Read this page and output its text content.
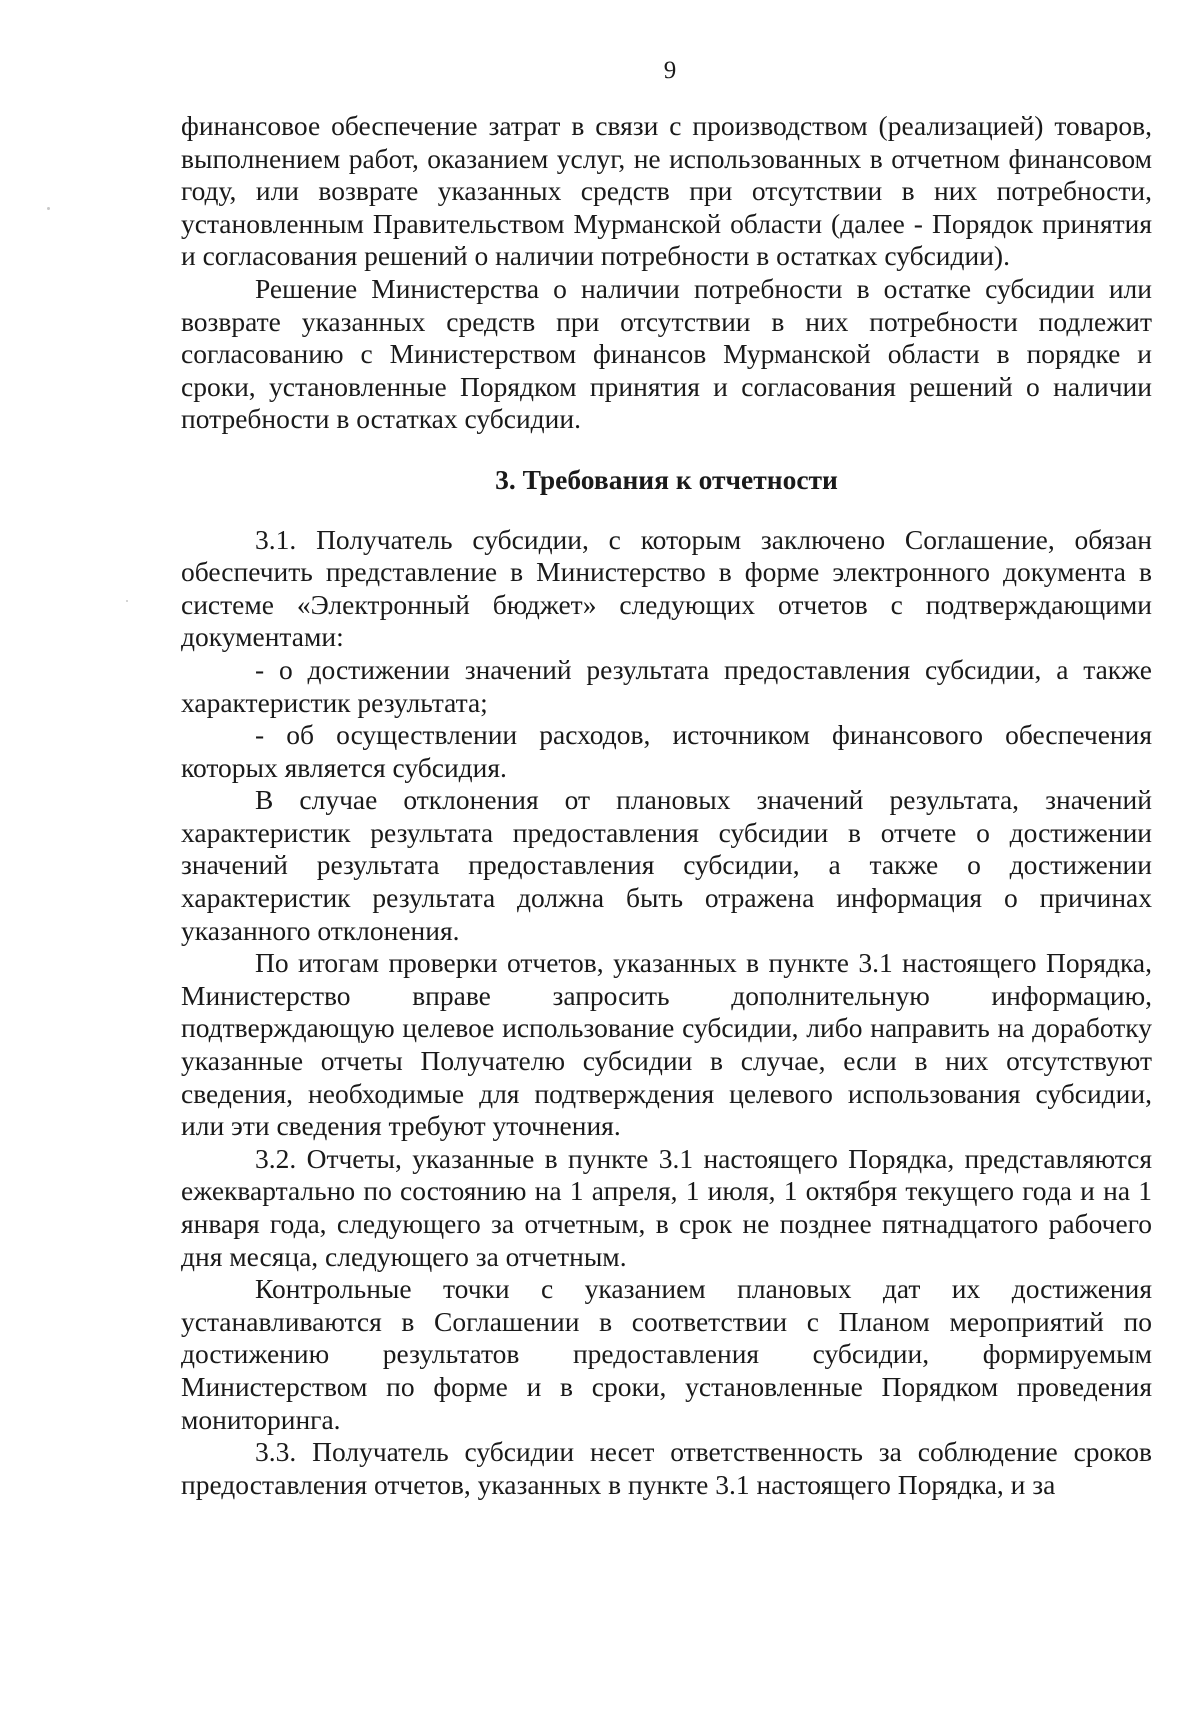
9

финансовое обеспечение затрат в связи с производством (реализацией) товаров, выполнением работ, оказанием услуг, не использованных в отчетном финансовом году, или возврате указанных средств при отсутствии в них потребности, установленным Правительством Мурманской области (далее - Порядок принятия и согласования решений о наличии потребности в остатках субсидии).

Решение Министерства о наличии потребности в остатке субсидии или возврате указанных средств при отсутствии в них потребности подлежит согласованию с Министерством финансов Мурманской области в порядке и сроки, установленные Порядком принятия и согласования решений о наличии потребности в остатках субсидии.

3. Требования к отчетности

3.1. Получатель субсидии, с которым заключено Соглашение, обязан обеспечить представление в Министерство в форме электронного документа в системе «Электронный бюджет» следующих отчетов с подтверждающими документами:

- о достижении значений результата предоставления субсидии, а также характеристик результата;

- об осуществлении расходов, источником финансового обеспечения которых является субсидия.

В случае отклонения от плановых значений результата, значений характеристик результата предоставления субсидии в отчете о достижении значений результата предоставления субсидии, а также о достижении характеристик результата должна быть отражена информация о причинах указанного отклонения.

По итогам проверки отчетов, указанных в пункте 3.1 настоящего Порядка, Министерство вправе запросить дополнительную информацию, подтверждающую целевое использование субсидии, либо направить на доработку указанные отчеты Получателю субсидии в случае, если в них отсутствуют сведения, необходимые для подтверждения целевого использования субсидии, или эти сведения требуют уточнения.

3.2. Отчеты, указанные в пункте 3.1 настоящего Порядка, представляются ежеквартально по состоянию на 1 апреля, 1 июля, 1 октября текущего года и на 1 января года, следующего за отчетным, в срок не позднее пятнадцатого рабочего дня месяца, следующего за отчетным.

Контрольные точки с указанием плановых дат их достижения устанавливаются в Соглашении в соответствии с Планом мероприятий по достижению результатов предоставления субсидии, формируемым Министерством по форме и в сроки, установленные Порядком проведения мониторинга.

3.3. Получатель субсидии несет ответственность за соблюдение сроков предоставления отчетов, указанных в пункте 3.1 настоящего Порядка, и за
